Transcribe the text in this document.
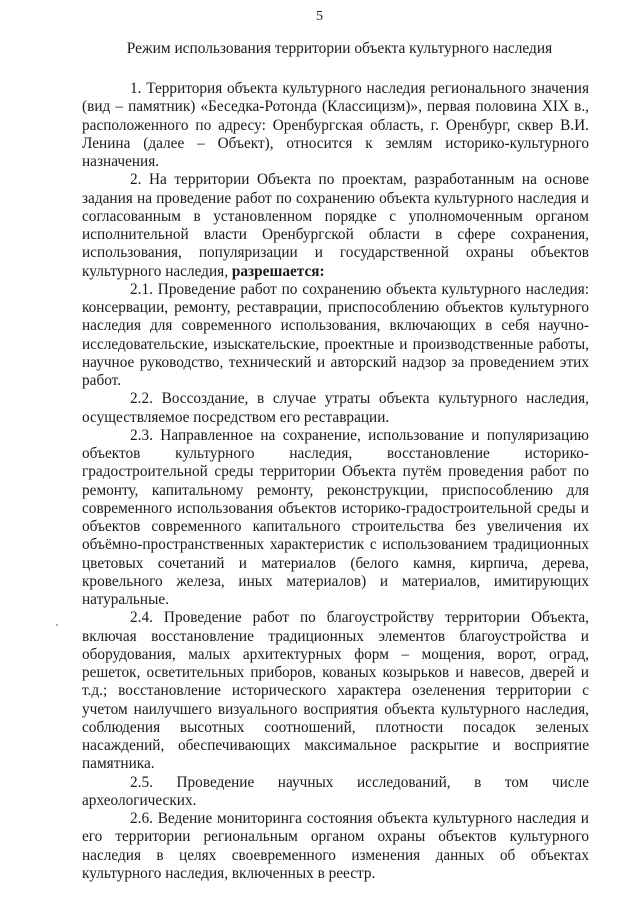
5
Режим использования территории объекта культурного наследия

1. Территория объекта культурного наследия регионального значения (вид – памятник) «Беседка-Ротонда (Классицизм)», первая половина XIX в., расположенного по адресу: Оренбургская область, г. Оренбург, сквер В.И. Ленина (далее – Объект), относится к землям историко-культурного назначения.

2. На территории Объекта по проектам, разработанным на основе задания на проведение работ по сохранению объекта культурного наследия и согласованным в установленном порядке с уполномоченным органом исполнительной власти Оренбургской области в сфере сохранения, использования, популяризации и государственной охраны объектов культурного наследия, разрешается:

2.1. Проведение работ по сохранению объекта культурного наследия: консервации, ремонту, реставрации, приспособлению объектов культурного наследия для современного использования, включающих в себя научно-исследовательские, изыскательские, проектные и производственные работы, научное руководство, технический и авторский надзор за проведением этих работ.

2.2. Воссоздание, в случае утраты объекта культурного наследия, осуществляемое посредством его реставрации.

2.3. Направленное на сохранение, использование и популяризацию объектов культурного наследия, восстановление историко-градостроительной среды территории Объекта путём проведения работ по ремонту, капитальному ремонту, реконструкции, приспособлению для современного использования объектов историко-градостроительной среды и объектов современного капитального строительства без увеличения их объёмно-пространственных характеристик с использованием традиционных цветовых сочетаний и материалов (белого камня, кирпича, дерева, кровельного железа, иных материалов) и материалов, имитирующих натуральные.

2.4. Проведение работ по благоустройству территории Объекта, включая восстановление традиционных элементов благоустройства и оборудования, малых архитектурных форм – мощения, ворот, оград, решеток, осветительных приборов, кованых козырьков и навесов, дверей и т.д.; восстановление исторического характера озеленения территории с учетом наилучшего визуального восприятия объекта культурного наследия, соблюдения высотных соотношений, плотности посадок зеленых насаждений, обеспечивающих максимальное раскрытие и восприятие памятника.

2.5. Проведение научных исследований, в том числе археологических.

2.6. Ведение мониторинга состояния объекта культурного наследия и его территории региональным органом охраны объектов культурного наследия в целях своевременного изменения данных об объектах культурного наследия, включенных в реестр.
